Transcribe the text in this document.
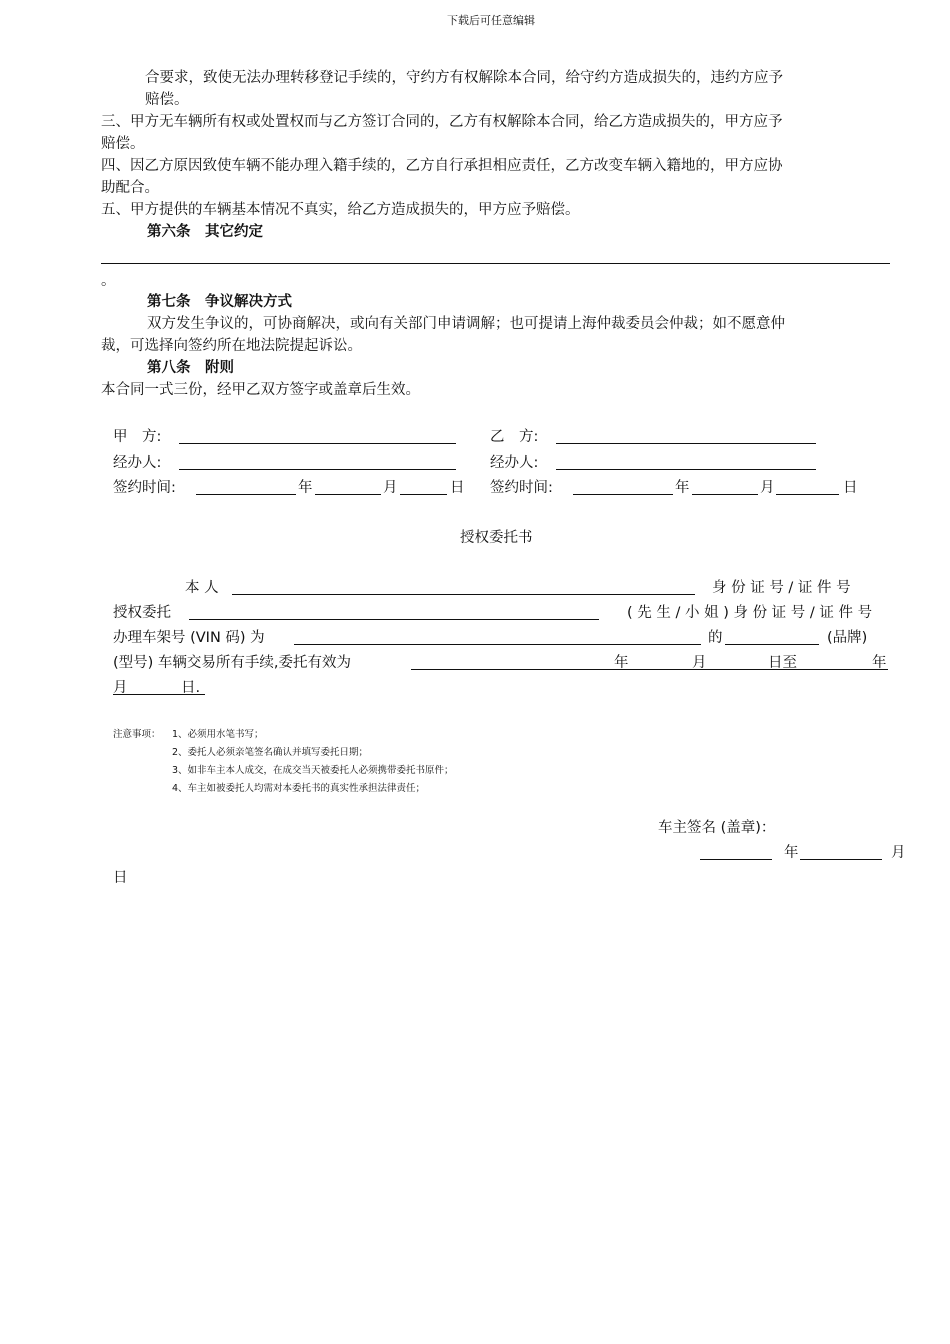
下载后可任意编辑
合要求，致使无法办理转移登记手续的，守约方有权解除本合同，给守约方造成损失的，违约方应予
赔偿。
三、甲方无车辆所有权或处置权而与乙方签订合同的，乙方有权解除本合同，给乙方造成损失的，甲方应予
赔偿。
四、因乙方原因致使车辆不能办理入籍手续的，乙方自行承担相应责任，乙方改变车辆入籍地的，甲方应协
助配合。
五、甲方提供的车辆基本情况不真实，给乙方造成损失的，甲方应予赔偿。
第六条　其它约定
。
第七条　争议解决方式
双方发生争议的，可协商解决，或向有关部门申请调解；也可提请上海仲裁委员会仲裁；如不愿意仲
裁，可选择向签约所在地法院提起诉讼。
第八条　附则
本合同一式三份，经甲乙双方签字或盖章后生效。
甲　方:
经办人:
签约时间:	年	月	日
乙　方:
经办人:
签约时间:	年	月	日
授权委托书
本 人	身 份 证 号 / 证 件 号
授权委托	( 先 生 / 小 姐 ) 身 份 证 号 / 证 件 号
办理车架号 (VIN 码) 为	的	(品牌)
(型号) 车辆交易所有手续,委托有效为	年	月	日至	年
月	日.
注意事项： 1、必须用水笔书写；
2、委托人必须亲笔签名确认并填写委托日期；
3、如非车主本人成交，在成交当天被委托人必须携带委托书原件；
4、车主如被委托人均需对本委托书的真实性承担法律责任；
车主签名 (盖章)：
年	月
日
